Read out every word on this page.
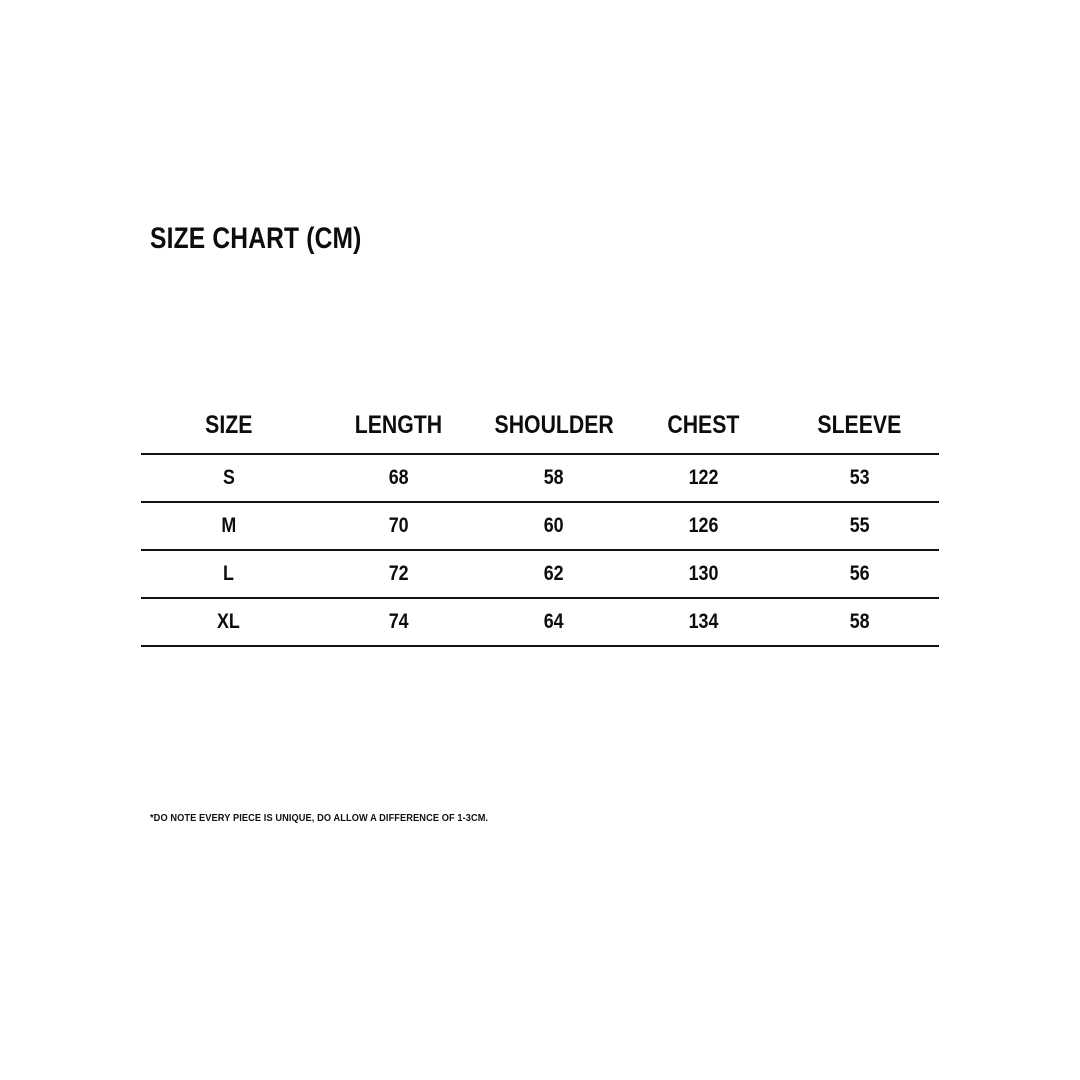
SIZE CHART (CM)
SIZE	LENGTH	SHOULDER	CHEST	SLEEVE
S	68	58	122	53
M	70	60	126	55
L	72	62	130	56
XL	74	64	134	58
*DO NOTE EVERY PIECE IS UNIQUE, DO ALLOW A DIFFERENCE OF 1-3CM.
